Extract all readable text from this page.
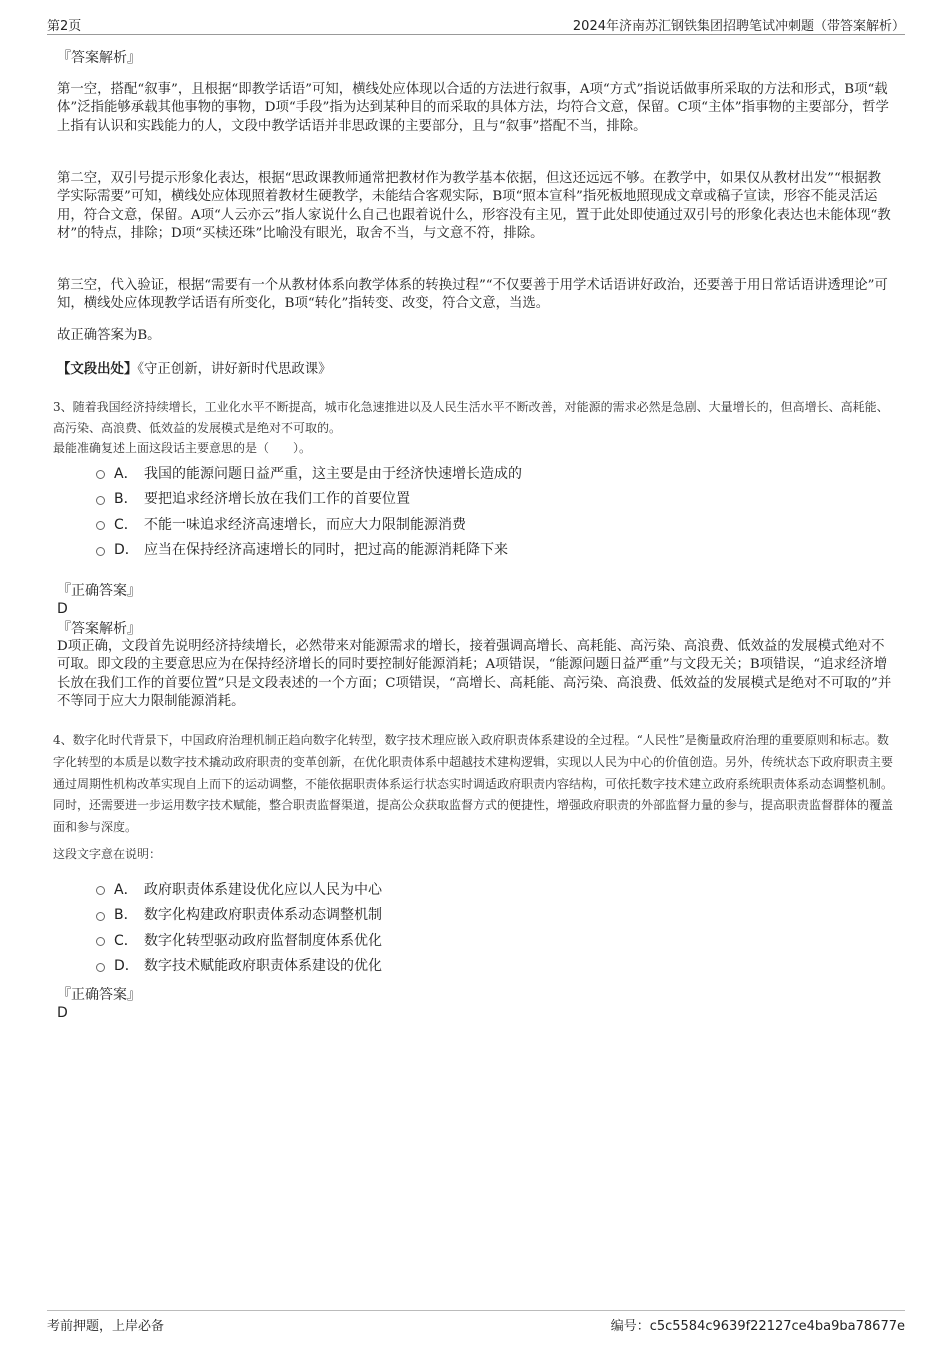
第2页	2024年济南苏汇钢铁集团招聘笔试冲刺题（带答案解析）

『答案解析』

第一空，搭配“叙事”，且根据“即教学话语”可知，横线处应体现以合适的方法进行叙事，A项“方式”指说话做事所采取的方法和形式，B项“载体”泛指能够承载其他事物的事物，D项“手段”指为达到某种目的而采取的具体方法，均符合文意，保留。C项“主体”指事物的主要部分，哲学上指有认识和实践能力的人，文段中教学话语并非思政课的主要部分，且与“叙事”搭配不当，排除。

第二空，双引号提示形象化表达，根据“思政课教师通常把教材作为教学基本依据，但这还远远不够。在教学中，如果仅从教材出发”“根据教学实际需要”可知，横线处应体现照着教材生硬教学，未能结合客观实际，B项“照本宣科”指死板地照现成文章或稿子宣读，形容不能灵活运用，符合文意，保留。A项“人云亦云”指人家说什么自己也跟着说什么，形容没有主见，置于此处即使通过双引号的形象化表达也未能体现“教材”的特点，排除；D项“买椟还珠”比喻没有眼光，取舍不当，与文意不符，排除。

第三空，代入验证，根据“需要有一个从教材体系向教学体系的转换过程”“不仅要善于用学术话语讲好政治，还要善于用日常话语讲透理论”可知，横线处应体现教学话语有所变化，B项“转化”指转变、改变，符合文意，当选。

故正确答案为B。

【文段出处】《守正创新，讲好新时代思政课》

3、随着我国经济持续增长，工业化水平不断提高，城市化急速推进以及人民生活水平不断改善，对能源的需求必然是急剧、大量增长的，但高增长、高耗能、高污染、高浪费、低效益的发展模式是绝对不可取的。

最能准确复述上面这段话主要意思的是（　　）。

A． 我国的能源问题日益严重，这主要是由于经济快速增长造成的
B． 要把追求经济增长放在我们工作的首要位置
C． 不能一味追求经济高速增长，而应大力限制能源消费
D． 应当在保持经济高速增长的同时，把过高的能源消耗降下来

『正确答案』

D

『答案解析』

D项正确，文段首先说明经济持续增长，必然带来对能源需求的增长，接着强调高增长、高耗能、高污染、高浪费、低效益的发展模式绝对不可取。即文段的主要意思应为在保持经济增长的同时要控制好能源消耗；A项错误，“能源问题日益严重”与文段无关；B项错误，“追求经济增长放在我们工作的首要位置”只是文段表述的一个方面；C项错误，“高增长、高耗能、高污染、高浪费、低效益的发展模式是绝对不可取的”并不等同于应大力限制能源消耗。

4、数字化时代背景下，中国政府治理机制正趋向数字化转型，数字技术理应嵌入政府职责体系建设的全过程。“人民性”是衡量政府治理的重要原则和标志。数字化转型的本质是以数字技术撬动政府职责的变革创新，在优化职责体系中超越技术建构逻辑，实现以人民为中心的价值创造。另外，传统状态下政府职责主要通过周期性机构改革实现自上而下的运动调整，不能依据职责体系运行状态实时调适政府职责内容结构，可依托数字技术建立政府系统职责体系动态调整机制。同时，还需要进一步运用数字技术赋能，整合职责监督渠道，提高公众获取监督方式的便捷性，增强政府职责的外部监督力量的参与，提高职责监督群体的覆盖面和参与深度。

这段文字意在说明：

A． 政府职责体系建设优化应以人民为中心
B． 数字化构建政府职责体系动态调整机制
C． 数字化转型驱动政府监督制度体系优化
D． 数字技术赋能政府职责体系建设的优化

『正确答案』

D

考前押题，上岸必备	编号：c5c5584c9639f22127ce4ba9ba78677e
